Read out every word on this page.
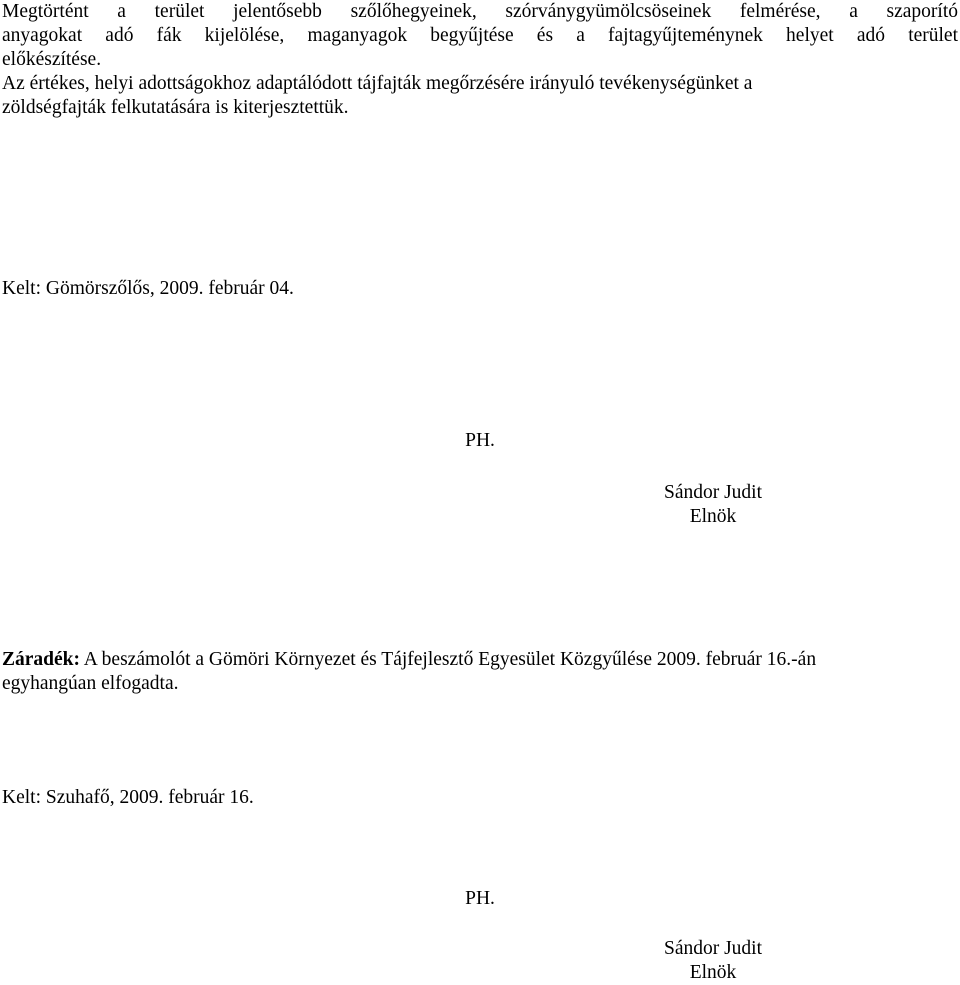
Megtörtént a terület jelentősebb szőlőhegyeinek, szórványgyümölcsöseinek felmérése, a szaporító
anyagokat adó fák kijelölése, maganyagok begyűjtése és a fajtagyűjteménynek helyet adó terület
előkészítése.
Az értékes, helyi adottságokhoz adaptálódott tájfajták megőrzésére irányuló tevékenységünket a
zöldségfajták felkutatására is kiterjesztettük.
Kelt: Gömörszőlős, 2009. február 04.
PH.
Sándor Judit
Elnök
Záradék: A beszámolót a Gömöri Környezet és Tájfejlesztő Egyesület Közgyűlése 2009. február 16.-án
egyhangúan elfogadta.
Kelt: Szuhafő, 2009. február 16.
PH.
Sándor Judit
Elnök
